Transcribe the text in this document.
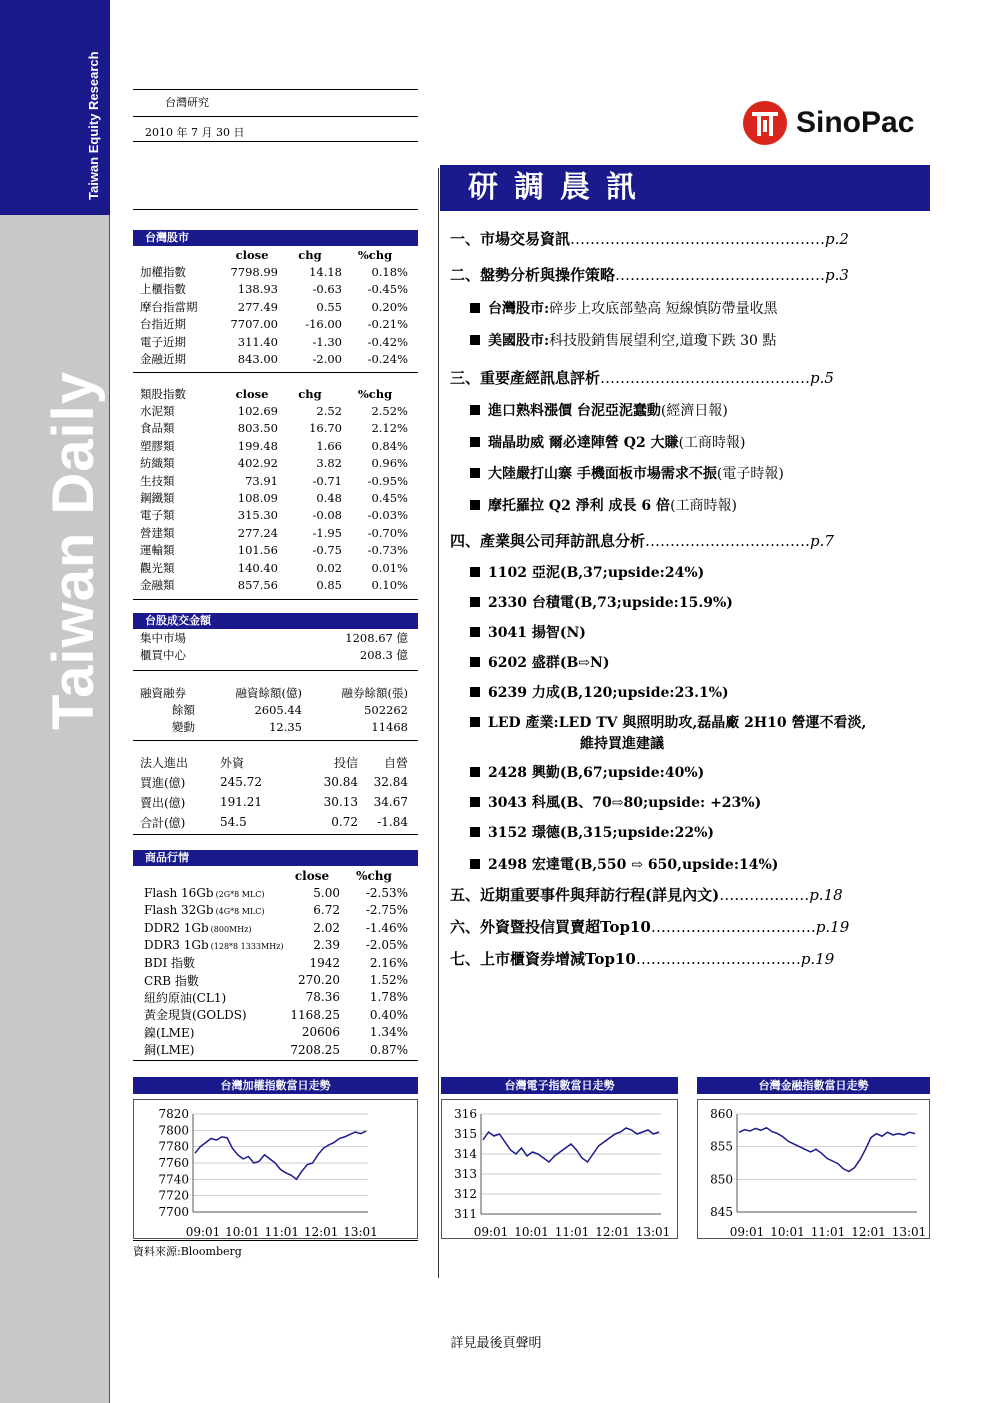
Taiwan Equity Research
Taiwan Daily
台灣研究
2010 年 7 月 30 日	SinoPac
研調晨訊
台灣股市
	close	chg	%chg
加權指數	7798.99	14.18	0.18%
上櫃指數	138.93	-0.63	-0.45%
摩台指當期	277.49	0.55	0.20%
台指近期	7707.00	-16.00	-0.21%
電子近期	311.40	-1.30	-0.42%
金融近期	843.00	-2.00	-0.24%
類股指數	close	chg	%chg
水泥類	102.69	2.52	2.52%
食品類	803.50	16.70	2.12%
塑膠類	199.48	1.66	0.84%
紡織類	402.92	3.82	0.96%
生技類	73.91	-0.71	-0.95%
鋼鐵類	108.09	0.48	0.45%
電子類	315.30	-0.08	-0.03%
營建類	277.24	-1.95	-0.70%
運輸類	101.56	-0.75	-0.73%
觀光類	140.40	0.02	0.01%
金融類	857.56	0.85	0.10%
台股成交金額
集中市場	1208.67 億
櫃買中心	208.3 億
融資融券	融資餘額(億)	融券餘額(張)
餘額	2605.44	502262
變動	12.35	11468
法人進出	外資	投信	自營
買進(億)	245.72	30.84	32.84
賣出(億)	191.21	30.13	34.67
合計(億)	54.5	0.72	-1.84
商品行情
	close	%chg
Flash 16Gb (2G*8 MLC)	5.00	-2.53%
Flash 32Gb (4G*8 MLC)	6.72	-2.75%
DDR2 1Gb (800MHz)	2.02	-1.46%
DDR3 1Gb (128*8 1333MHz)	2.39	-2.05%
BDI 指數	1942	2.16%
CRB 指數	270.20	1.52%
紐約原油(CL1)	78.36	1.78%
黃金現貨(GOLDS)	1168.25	0.40%
鎳(LME)	20606	1.34%
銅(LME)	7208.25	0.87%
一、市場交易資訊……………………………………………p.2
二、盤勢分析與操作策略……………………………………p.3
台灣股市:碎步上攻底部墊高 短線慎防帶量收黑
美國股市:科技股銷售展望利空,道瓊下跌 30 點
三、重要產經訊息評析……………………………………p.5
進口熟料漲價 台泥亞泥蠢動(經濟日報)
瑞晶助威 爾必達陣營 Q2 大賺(工商時報)
大陸嚴打山寨 手機面板市場需求不振(電子時報)
摩托羅拉 Q2 淨利 成長 6 倍(工商時報)
四、產業與公司拜訪訊息分析……………………………p.7
1102 亞泥(B,37;upside:24%)
2330 台積電(B,73;upside:15.9%)
3041 揚智(N)
6202 盛群(B⇨N)
6239 力成(B,120;upside:23.1%)
LED 產業:LED TV 與照明助攻,磊晶廠 2H10 營運不看淡,
2428 興勤(B,67;upside:40%)
3043 科風(B、70⇨80;upside: +23%)
3152 璟德(B,315;upside:22%)
2498 宏達電(B,550 ⇨ 650,upside:14%)
維持買進建議
五、近期重要事件與拜訪行程(詳見內文)………………p.18
六、外資暨投信買賣超Top10……………………………p.19
七、上市櫃資券增減Top10……………………………p.19
台灣加權指數當日走勢
7820
7800
7780
7760
7740
7720
7700
09:01 10:01 11:01 12:01 13:01
台灣電子指數當日走勢
316
315
314
313
312
311
09:01 10:01 11:01 12:01 13:01
台灣金融指數當日走勢
860
855
850
845
09:01 10:01 11:01 12:01 13:01
資料來源:Bloomberg
詳見最後頁聲明
